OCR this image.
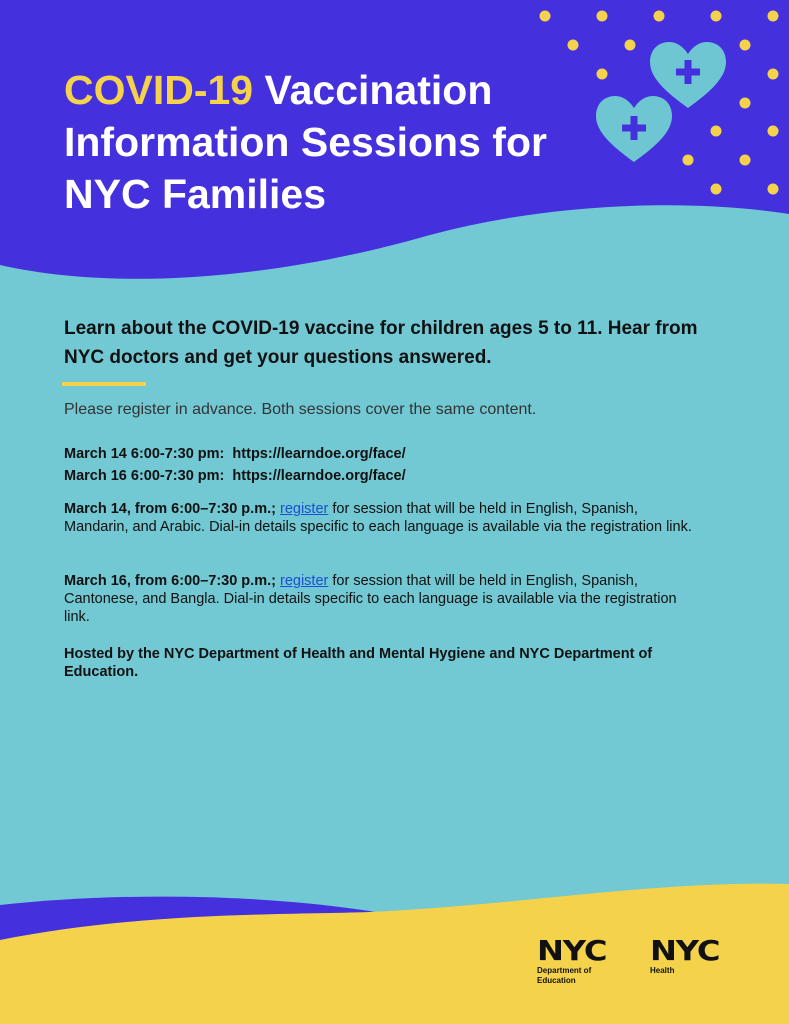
COVID-19 Vaccination Information Sessions for NYC Families

Learn about the COVID-19 vaccine for children ages 5 to 11. Hear from NYC doctors and get your questions answered.

Please register in advance. Both sessions cover the same content.

March 14 6:00-7:30 pm:  https://learndoe.org/face/
March 16 6:00-7:30 pm:  https://learndoe.org/face/

March 14, from 6:00–7:30 p.m.; register for session that will be held in English, Spanish, Mandarin, and Arabic. Dial-in details specific to each language is available via the registration link.

March 16, from 6:00–7:30 p.m.; register for session that will be held in English, Spanish, Cantonese, and Bangla. Dial-in details specific to each language is available via the registration link.

Hosted by the NYC Department of Health and Mental Hygiene and NYC Department of Education.

NYC
Department of Education
NYC
Health
